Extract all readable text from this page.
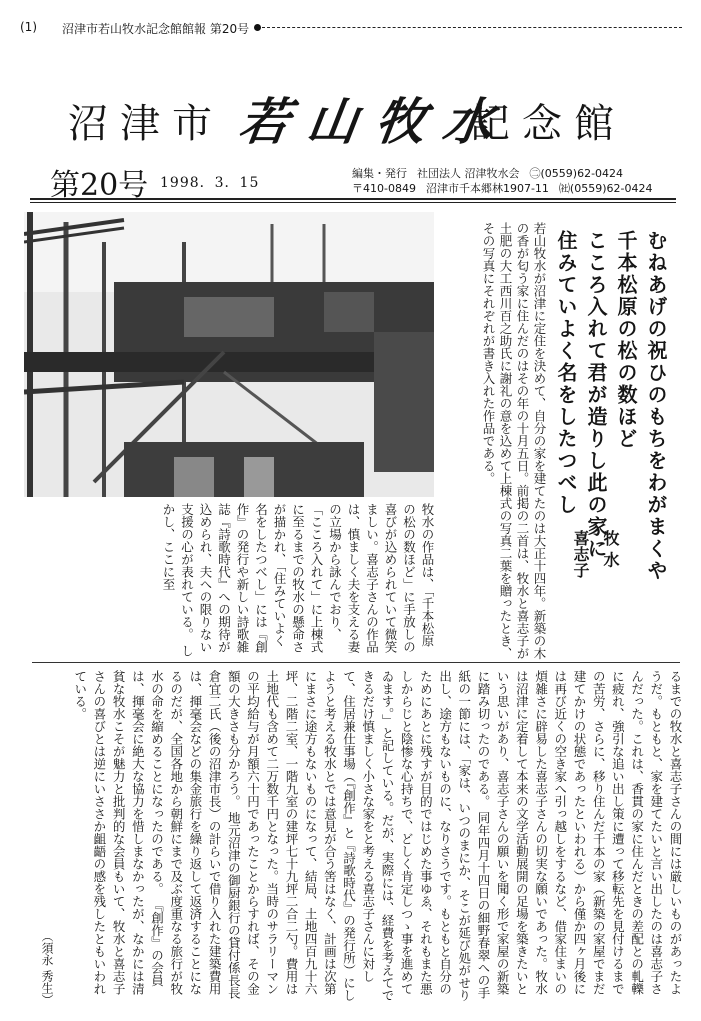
(1) 沼津市若山牧水記念館館報 第20号
沼津市 若山牧水
記念館
第20号 1998．3．15
編集・発行 社団法人 沼津牧水会 ㊁(0559)62-0424
〒410-0849 沼津市千本郷林1907-11 ㈳(0559)62-0424
むねあげの祝ひのもちをわがまくや
千本松原の松の数ほど
こころ入れて君が造りし此の家に
住みていよく名をしたつべし
牧 水
喜志子
若山牧水が沼津に定住を決めて、自分の家を建てたのは大正十四年。新築の木の香が匂う家に住んだのはその年の十月五日。前掲の二首は、牧水と喜志子が土肥の大工西川百之助氏に謝礼の意を込めて上棟式の写真二葉を贈ったとき、その写真にそれぞれが書き入れた作品である。
牧水の作品は、「千本松原の松の数ほど」に手放しの喜びが込められていて微笑ましい。喜志子さんの作品は、慎ましく夫を支える妻の立場から詠んでおり、「こころ入れて」に上棟式に至るまでの牧水の懸命さが描かれ、「住みていよく名をしたつべし」には『創作』の発行や新しい詩歌雑誌『詩歌時代』への期待が込められ、夫への限りない支援の心が表れている。 しかし、ここに至
るまでの牧水と喜志子さんの間には厳しいものがあったようだ。もともと、家を建てたいと言い出したのは喜志子さんだった。これは、香貫の家に住んだときの差配との軋轢に疲れ、強引な追い出し策に遭って移転先を見付けるまでの苦労、さらに、移り住んだ千本の家（新築の家屋でまだ建てかけの状態であったといわれる）から僅か四ヶ月後には再び近くの空き家へ引っ越しをするなど、借家住まいの煩雑さに辟易した喜志子さんの切実な願いであった。牧水は沼津に定着して本来の文学活動展開の足場を築きたいという思いがあり、喜志子さんの願いを聞く形で家屋の新築に踏み切ったのである。 同年四月十四日の細野春翠への手紙の一節には、「家は、いつのまにか、そこが延び処がせり出し、途方もないものに、なりさうです。もともと自分のためにあとに残すが目的ではじめた事ゆゑ、それもまた悪しからじと陰惨な心持ちで、どしく肯定しつゝ事を進めてゐます。」と記している。だが、実際には、経費を考えてできるだけ慎ましく小さな家をと考える喜志子さんに対して、住居兼仕事場（『創作』と『詩歌時代』の発行所）にしようと考える牧水とでは意見が合う筈はなく、計画は次第にまさに途方もないものになって、結局、土地四百九十六坪、二階二室、一階九室の建坪七十九坪二合二勺。費用は土地代も含めて二万数千円となった。当時のサラリーマンの平均給与が月額六十円であったことからすれば、その金額の大きさも分かろう。 地元沼津の御厨銀行の貸付係長長倉宜二氏（後の沼津市長）の計らいで借り入れた建築費用は、揮毫会などの集金旅行を繰り返して返済することになるのだが、全国各地から朝鮮にまで及ぶ度重なる旅行が牧水の命を縮めることになったのである。 『創作』の会員は、揮毫会に絶大な協力を惜しまなかったが、なかには清貧な牧水こそが魅力と批判的な会員もいて、牧水と喜志子さんの喜びとは逆にいささか齟齬の感を残したともいわれている。
（須永 秀生）
